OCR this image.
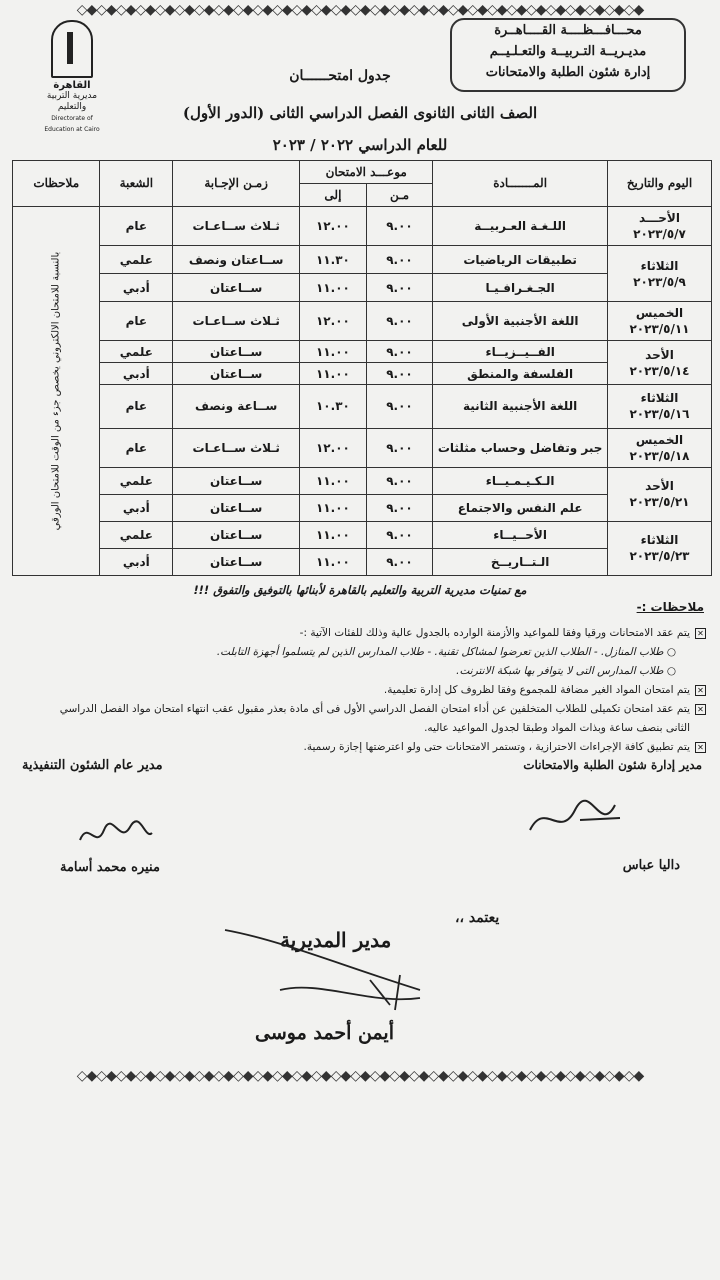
◇◆◇◆◇◆◇◆◇◆◇◆◇◆◇◆◇◆◇◆◇◆◇◆◇◆◇◆◇◆◇◆◇◆◇◆◇◆◇◆◇◆◇◆◇◆◇◆◇◆◇◆◇◆◇◆◇◆
محـــافـــظــــة القــــاهــرة
مديـريــة التـربيــة والتعـلـيــم
إدارة شئون الطلبة والامتحانات
القاهرة
مديرية التربية والتعليم
Directorate of Education at Cairo
جدول امتحــــــان
الصف الثانى الثانوى الفصل الدراسي الثانى (الدور الأول)
للعام الدراسي ٢٠٢٢ / ٢٠٢٣
اليوم والتاريخ	المـــــــادة	موعـــد الامتحان		زمـن الإجـابة	الشعبة	ملاحظات
		مـن	إلى			

الأحـــد
٢٠٢٣/٥/٧	اللـغـة العـربيــة	٩.٠٠	١٢.٠٠	ثـلاث ســاعـات	عام	بالنسبة للامتحان الالكتروني يخصص جزء من الوقت للامتحان الورقي

الثلاثاء
٢٠٢٣/٥/٩	تطبيقات الرياضيات	٩.٠٠	١١.٣٠	ســاعتان ونصف	علمي	
	الجـغـرافـيـا	٩.٠٠	١١.٠٠	ســاعتان	أدبي	

الخميس
٢٠٢٣/٥/١١	اللغة الأجنبية الأولى	٩.٠٠	١٢.٠٠	ثـلاث ســاعـات	عام	

الأحد
٢٠٢٣/٥/١٤	الفــيــزيــاء	٩.٠٠	١١.٠٠	ســاعتان	علمي	
	الفلسفة والمنطق	٩.٠٠	١١.٠٠	ســاعتان	أدبي	

الثلاثاء
٢٠٢٣/٥/١٦	اللغة الأجنبية الثانية	٩.٠٠	١٠.٣٠	ســاعة ونصف	عام	

الخميس
٢٠٢٣/٥/١٨	جبر وتفاضل وحساب مثلثات	٩.٠٠	١٢.٠٠	ثـلاث ســاعـات	عام	

الأحد
٢٠٢٣/٥/٢١	الـكـيـمـيــاء	٩.٠٠	١١.٠٠	ســاعتان	علمي	
	علم النفس والاجتماع	٩.٠٠	١١.٠٠	ســاعتان	أدبي	

الثلاثاء
٢٠٢٣/٥/٢٣	الأحــيــاء	٩.٠٠	١١.٠٠	ســاعتان	علمي	
	الـتــاريــخ	٩.٠٠	١١.٠٠	ســاعتان	أدبي	
مع تمنيات مديرية التربية والتعليم بالقاهرة لأبنائها بالتوفيق والتفوق !!!
ملاحظات :-
✕
يتم عقد الامتحانات ورقيا وفقا للمواعيد والأزمنة الوارده بالجدول عالية وذلك للفئات الآتية :-
○ طلاب المنازل. - الطلاب الذين تعرضوا لمشاكل تقنية. - طلاب المدارس الذين لم يتسلموا أجهزة التابلت.
○ طلاب المدارس التى لا يتوافر بها شبكة الانترنت.
✕
يتم امتحان المواد الغير مضافة للمجموع وفقا لظروف كل إدارة تعليمية.
✕
يتم عقد امتحان تكميلى للطلاب المتخلفين عن أداء امتحان الفصل الدراسي الأول فى أى مادة بعذر مقبول عقب انتهاء امتحان مواد الفصل الدراسي
الثانى بنصف ساعة وبذات المواد وطبقا لجدول المواعيد عاليه.
✕
يتم تطبيق كافة الإجراءات الاحترازية ، وتستمر الامتحانات حتى ولو اعترضتها إجازة رسمية.
مدير إدارة شئون الطلبة والامتحانات
مدير عام الشئون التنفيذية
داليا عباس
منيره محمد أسامة
يعتمد ،،
مدير المديرية
أيمن أحمد موسى
◇◆◇◆◇◆◇◆◇◆◇◆◇◆◇◆◇◆◇◆◇◆◇◆◇◆◇◆◇◆◇◆◇◆◇◆◇◆◇◆◇◆◇◆◇◆◇◆◇◆◇◆◇◆◇◆◇◆
